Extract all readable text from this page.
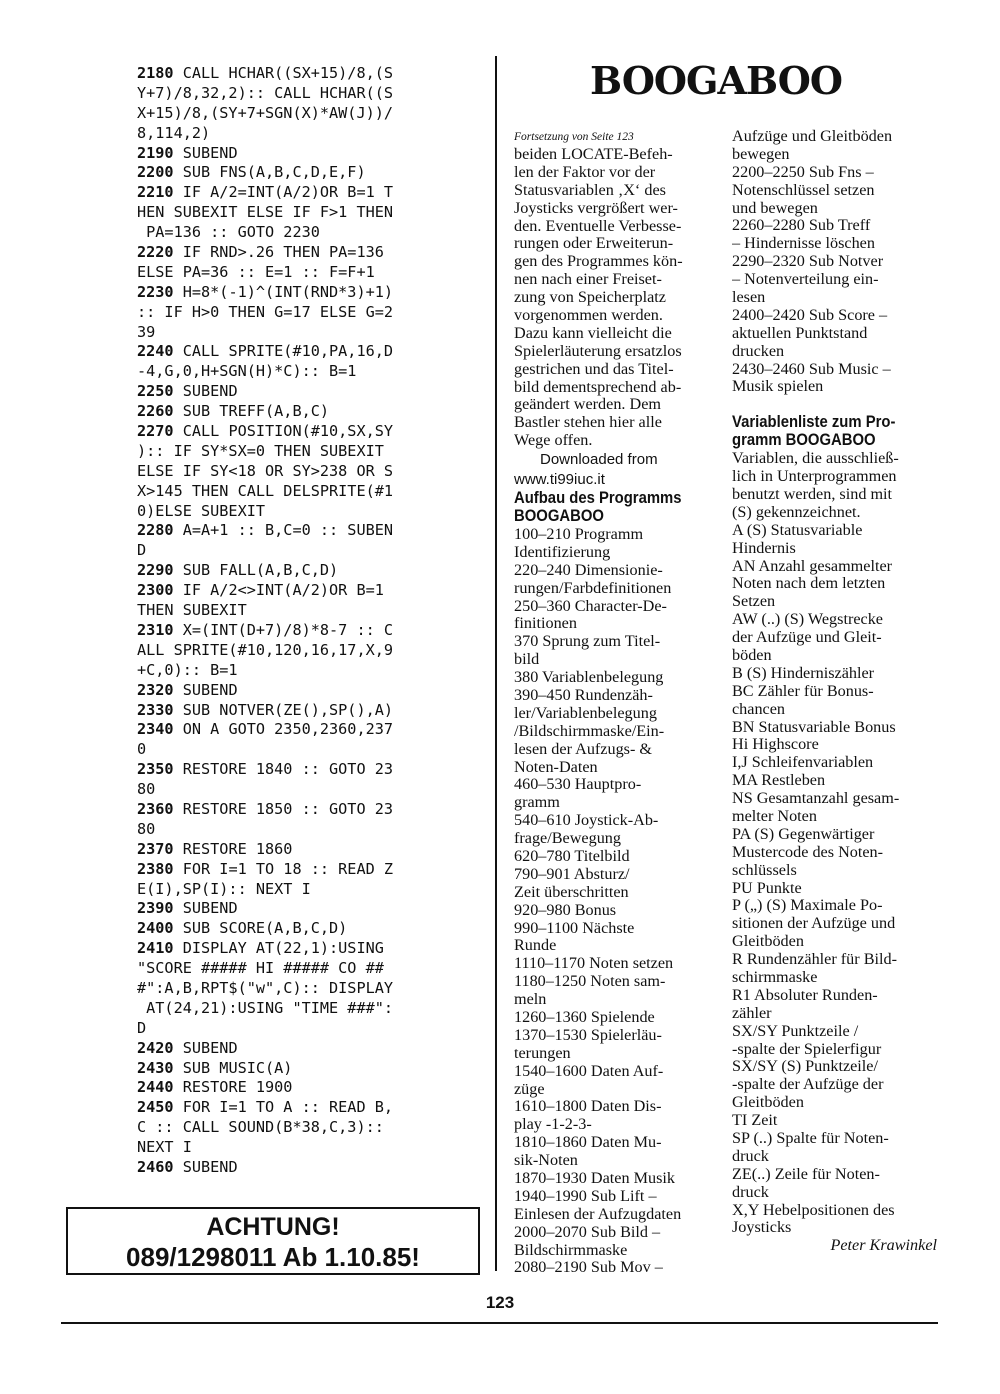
2180 CALL HCHAR((SX+15)/8,(S
Y+7)/8,32,2):: CALL HCHAR((S
X+15)/8,(SY+7+SGN(X)*AW(J))/
8,114,2)
2190 SUBEND
2200 SUB FNS(A,B,C,D,E,F)
2210 IF A/2=INT(A/2)OR B=1 T
HEN SUBEXIT ELSE IF F>1 THEN
PA=136 :: GOTO 2230
2220 IF RND>.26 THEN PA=136
ELSE PA=36 :: E=1 :: F=F+1
2230 H=8*(-1)^(INT(RND*3)+1)
:: IF H>0 THEN G=17 ELSE G=2
39
2240 CALL SPRITE(#10,PA,16,D
-4,G,0,H+SGN(H)*C):: B=1
2250 SUBEND
2260 SUB TREFF(A,B,C)
2270 CALL POSITION(#10,SX,SY
):: IF SY*SX=0 THEN SUBEXIT
ELSE IF SY<18 OR SY>238 OR S
X>145 THEN CALL DELSPRITE(#1
0)ELSE SUBEXIT
2280 A=A+1 :: B,C=0 :: SUBEN
D
2290 SUB FALL(A,B,C,D)
2300 IF A/2<>INT(A/2)OR B=1
THEN SUBEXIT
2310 X=(INT(D+7)/8)*8-7 :: C
ALL SPRITE(#10,120,16,17,X,9
+C,0):: B=1
2320 SUBEND
2330 SUB NOTVER(ZE(),SP(),A)
2340 ON A GOTO 2350,2360,237
0
2350 RESTORE 1840 :: GOTO 23
80
2360 RESTORE 1850 :: GOTO 23
80
2370 RESTORE 1860
2380 FOR I=1 TO 18 :: READ Z
E(I),SP(I):: NEXT I
2390 SUBEND
2400 SUB SCORE(A,B,C,D)
2410 DISPLAY AT(22,1):USING
"SCORE ##### HI ##### CO ##
#":A,B,RPT$("w",C):: DISPLAY
AT(24,21):USING "TIME ###":
D
2420 SUBEND
2430 SUB MUSIC(A)
2440 RESTORE 1900
2450 FOR I=1 TO A :: READ B,
C :: CALL SOUND(B*38,C,3)::
NEXT I
2460 SUBEND
ACHTUNG!
089/1298011 Ab 1.10.85!
BOOGABOO
Fortsetzung von Seite 123
beiden LOCATE-Befeh-
len der Faktor vor der
Statusvariablen ‚X‘ des
Joysticks vergrößert wer-
den. Eventuelle Verbesse-
rungen oder Erweiterun-
gen des Programmes kön-
nen nach einer Freiset-
zung von Speicherplatz
vorgenommen werden.
Dazu kann vielleicht die
Spielerläuterung ersatzlos
gestrichen und das Titel-
bild dementsprechend ab-
geändert werden. Dem
Bastler stehen hier alle
Wege offen.
Downloaded from
www.ti99iuc.it
Aufbau des Programms
BOOGABOO
100–210 Programm
Identifizierung
220–240 Dimensionie-
rungen/Farbdefinitionen
250–360 Character-De-
finitionen
370 Sprung zum Titel-
bild
380 Variablenbelegung
390–450 Rundenzäh-
ler/Variablenbelegung
/Bildschirmmaske/Ein-
lesen der Aufzugs- &
Noten-Daten
460–530 Hauptpro-
gramm
540–610 Joystick-Ab-
frage/Bewegung
620–780 Titelbild
790–901 Absturz/
Zeit überschritten
920–980 Bonus
990–1100 Nächste
Runde
1110–1170 Noten setzen
1180–1250 Noten sam-
meln
1260–1360 Spielende
1370–1530 Spielerläu-
terungen
1540–1600 Daten Auf-
züge
1610–1800 Daten Dis-
play -1-2-3-
1810–1860 Daten Mu-
sik-Noten
1870–1930 Daten Musik
1940–1990 Sub Lift –
Einlesen der Aufzugdaten
2000–2070 Sub Bild –
Bildschirmmaske
2080–2190 Sub Mov –
Aufzüge und Gleitböden
bewegen
2200–2250 Sub Fns –
Notenschlüssel setzen
und bewegen
2260–2280 Sub Treff
– Hindernisse löschen
2290–2320 Sub Notver
– Notenverteilung ein-
lesen
2400–2420 Sub Score –
aktuellen Punktstand
drucken
2430–2460 Sub Music –
Musik spielen
Variablenliste zum Pro-
gramm BOOGABOO
Variablen, die ausschließ-
lich in Unterprogrammen
benutzt werden, sind mit
(S) gekennzeichnet.
A (S) Statusvariable
Hindernis
AN Anzahl gesammelter
Noten nach dem letzten
Setzen
AW (..) (S) Wegstrecke
der Aufzüge und Gleit-
böden
B (S) Hinderniszähler
BC Zähler für Bonus-
chancen
BN Statusvariable Bonus
Hi Highscore
I,J Schleifenvariablen
MA Restleben
NS Gesamtanzahl gesam-
melter Noten
PA (S) Gegenwärtiger
Mustercode des Noten-
schlüssels
PU Punkte
P („) (S) Maximale Po-
sitionen der Aufzüge und
Gleitböden
R Rundenzähler für Bild-
schirmmaske
R1 Absoluter Runden-
zähler
SX/SY Punktzeile /
-spalte der Spielerfigur
SX/SY (S) Punktzeile/
-spalte der Aufzüge der
Gleitböden
TI Zeit
SP (..) Spalte für Noten-
druck
ZE(..) Zeile für Noten-
druck
X,Y Hebelpositionen des
Joysticks
Peter Krawinkel
123
